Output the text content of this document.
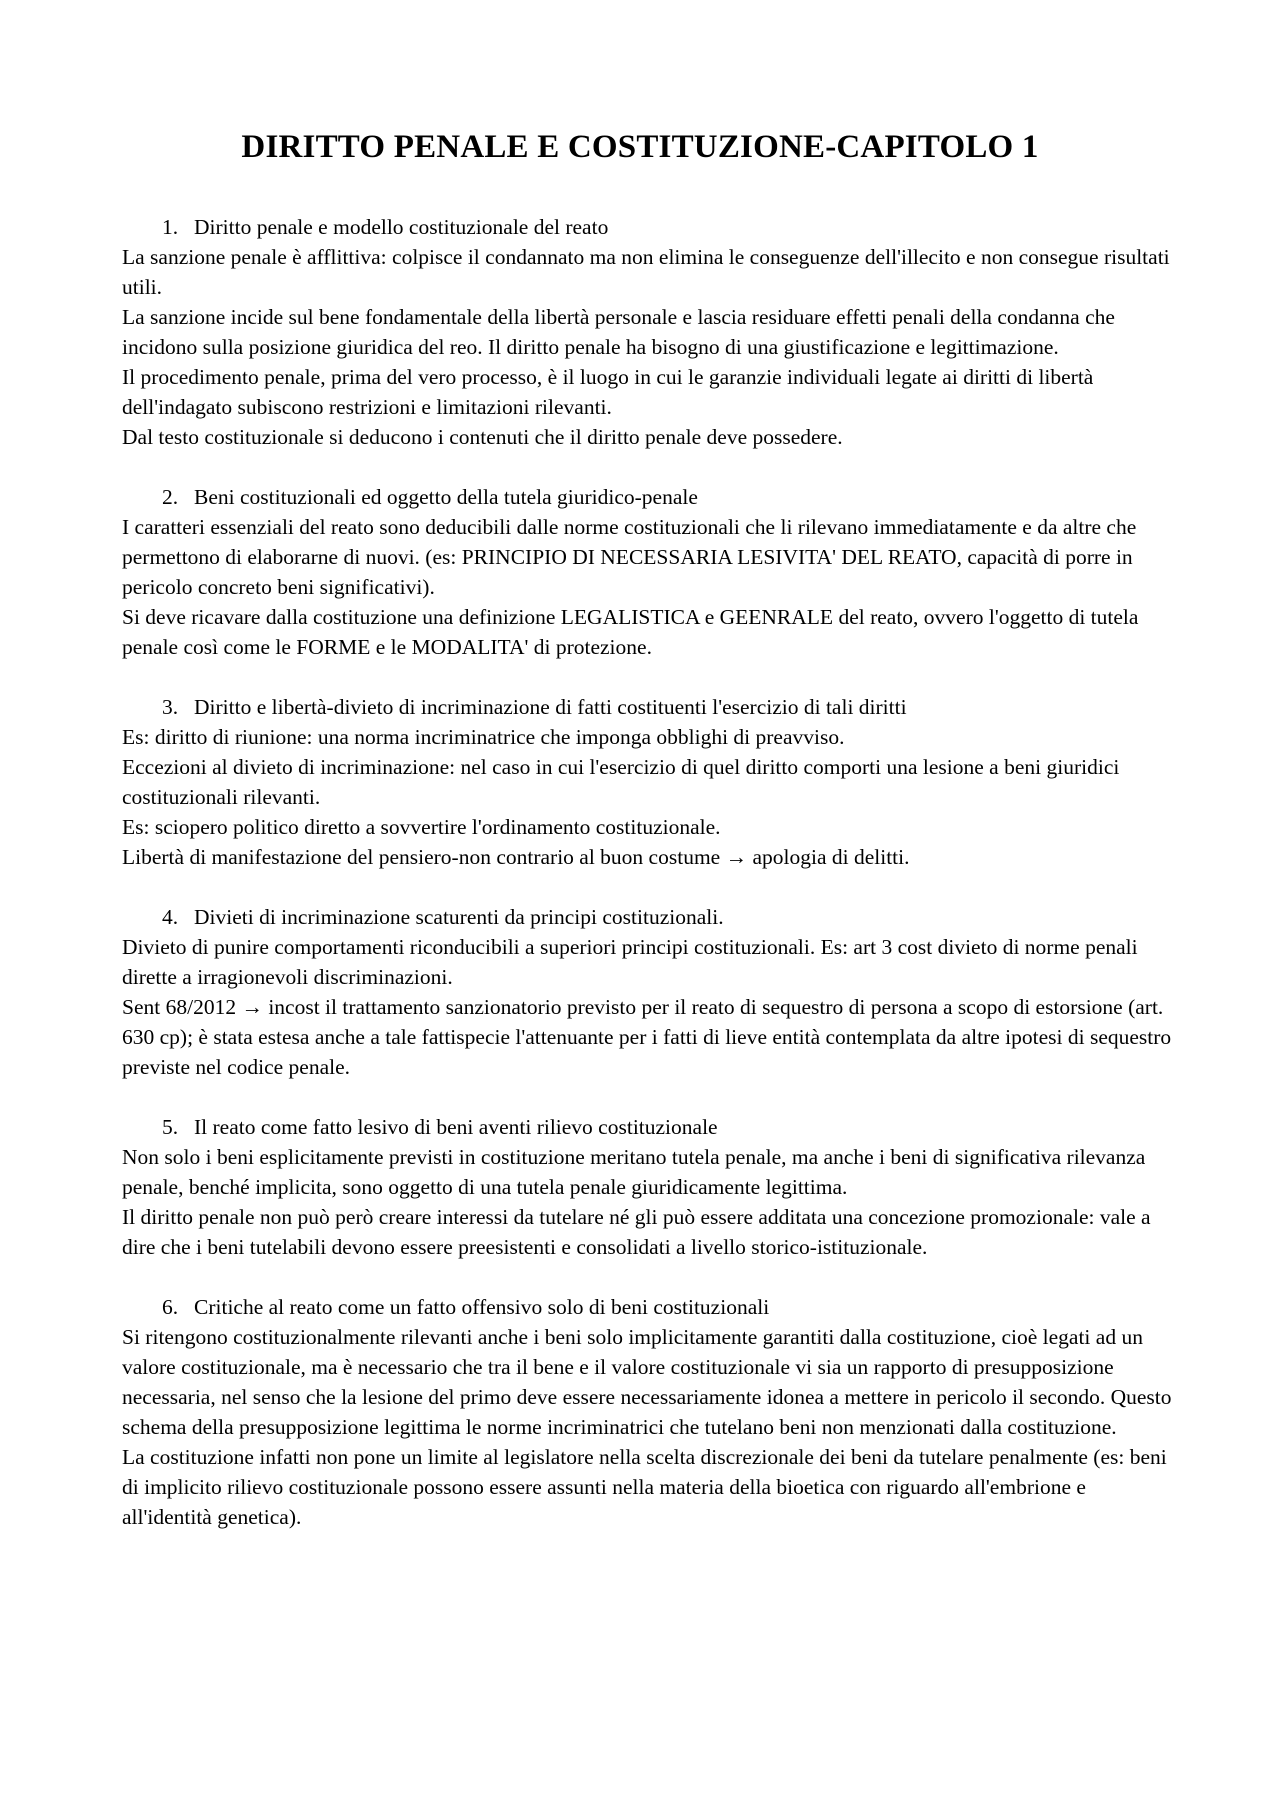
DIRITTO PENALE E COSTITUZIONE-CAPITOLO 1
1. Diritto penale e modello costituzionale del reato

La sanzione penale è afflittiva: colpisce il condannato ma non elimina le conseguenze dell'illecito e non consegue risultati utili.

La sanzione incide sul bene fondamentale della libertà personale e lascia residuare effetti penali della condanna che incidono sulla posizione giuridica del reo. Il diritto penale ha bisogno di una giustificazione e legittimazione.

Il procedimento penale, prima del vero processo, è il luogo in cui le garanzie individuali legate ai diritti di libertà dell'indagato subiscono restrizioni e limitazioni rilevanti.

Dal testo costituzionale si deducono i contenuti che il diritto penale deve possedere.

2. Beni costituzionali ed oggetto della tutela giuridico-penale

I caratteri essenziali del reato sono deducibili dalle norme costituzionali che li rilevano immediatamente e da altre che permettono di elaborarne di nuovi. (es: PRINCIPIO DI NECESSARIA LESIVITA' DEL REATO, capacità di porre in pericolo concreto beni significativi).

Si deve ricavare dalla costituzione una definizione LEGALISTICA e GEENRALE del reato, ovvero l'oggetto di tutela penale così come le FORME e le MODALITA' di protezione.

3. Diritto e libertà-divieto di incriminazione di fatti costituenti l'esercizio di tali diritti

Es: diritto di riunione: una norma incriminatrice che imponga obblighi di preavviso.

Eccezioni al divieto di incriminazione: nel caso in cui l'esercizio di quel diritto comporti una lesione a beni giuridici costituzionali rilevanti.

Es: sciopero politico diretto a sovvertire l'ordinamento costituzionale.

Libertà di manifestazione del pensiero-non contrario al buon costume → apologia di delitti.

4. Divieti di incriminazione scaturenti da principi costituzionali.

Divieto di punire comportamenti riconducibili a superiori principi costituzionali. Es: art 3 cost divieto di norme penali dirette a irragionevoli discriminazioni.

Sent 68/2012 → incost il trattamento sanzionatorio previsto per il reato di sequestro di persona a scopo di estorsione (art. 630 cp); è stata estesa anche a tale fattispecie l'attenuante per i fatti di lieve entità contemplata da altre ipotesi di sequestro previste nel codice penale.

5. Il reato come fatto lesivo di beni aventi rilievo costituzionale

Non solo i beni esplicitamente previsti in costituzione meritano tutela penale, ma anche i beni di significativa rilevanza penale, benché implicita, sono oggetto di una tutela penale giuridicamente legittima.

Il diritto penale non può però creare interessi da tutelare né gli può essere additata una concezione promozionale: vale a dire che i beni tutelabili devono essere preesistenti e consolidati a livello storico-istituzionale.

6. Critiche al reato come un fatto offensivo solo di beni costituzionali

Si ritengono costituzionalmente rilevanti anche i beni solo implicitamente garantiti dalla costituzione, cioè legati ad un valore costituzionale, ma è necessario che tra il bene e il valore costituzionale vi sia un rapporto di presupposizione necessaria, nel senso che la lesione del primo deve essere necessariamente idonea a mettere in pericolo il secondo. Questo schema della presupposizione legittima le norme incriminatrici che tutelano beni non menzionati dalla costituzione.

La costituzione infatti non pone un limite al legislatore nella scelta discrezionale dei beni da tutelare penalmente (es: beni di implicito rilievo costituzionale possono essere assunti nella materia della bioetica con riguardo all'embrione e all'identità genetica).
